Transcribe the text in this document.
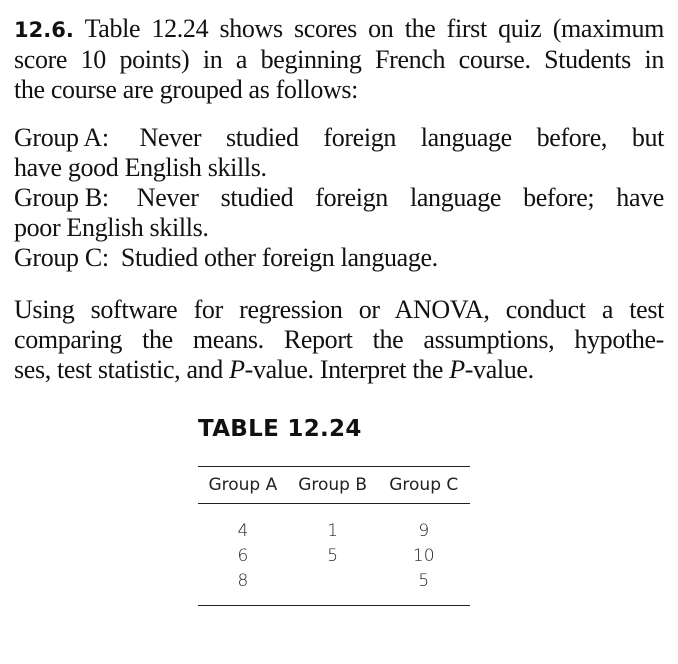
12.6. Table 12.24 shows scores on the first quiz (maximum
score 10 points) in a beginning French course. Students in
the course are grouped as follows:
Group A: Never studied foreign language before, but
have good English skills.
Group B: Never studied foreign language before; have
poor English skills.
Group C: Studied other foreign language.
Using software for regression or ANOVA, conduct a test
comparing the means. Report the assumptions, hypothe-
ses, test statistic, and P-value. Interpret the P-value.
TABLE 12.24
Group A	Group B	Group C

4	1	9
6	5	10
8		5
